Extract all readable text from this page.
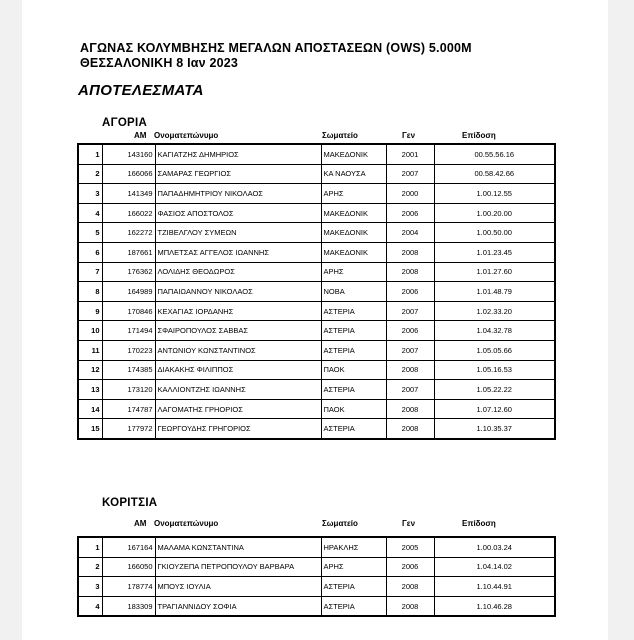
ΑΓΩΝΑΣ ΚΟΛΥΜΒΗΣΗΣ ΜΕΓΑΛΩΝ ΑΠΟΣΤΑΣΕΩΝ (OWS) 5.000M
ΘΕΣΣΑΛΟΝΙΚΗ 8 Ιαν 2023
ΑΠΟΤΕΛΕΣΜΑΤΑ
ΑΓΟΡΙΑ
ΑΜ Ονοματεπώνυμο	Σωματείο	Γεν	Επίδοση
1	143160	ΚΑΓΙΑΤΖΗΣ ΔΗΜΗΡΙΟΣ	ΜΑΚΕΔΟΝΙΚ	2001	00.55.56.16
2	166066	ΣΑΜΑΡΑΣ ΓΕΩΡΓΙΟΣ	ΚΑ ΝΑΟΥΣΑ	2007	00.58.42.66
3	141349	ΠΑΠΑΔΗΜΗΤΡΙΟΥ ΝΙΚΟΛΑΟΣ	ΑΡΗΣ	2000	1.00.12.55
4	166022	ΦΑΣΙΟΣ ΑΠΟΣΤΟΛΟΣ	ΜΑΚΕΔΟΝΙΚ	2006	1.00.20.00
5	162272	ΤΖΙΒΕΛΓΛΟΥ ΣΥΜΕΩΝ	ΜΑΚΕΔΟΝΙΚ	2004	1.00.50.00
6	187661	ΜΠΛΕΤΣΑΣ ΑΓΓΕΛΟΣ ΙΩΑΝΝΗΣ	ΜΑΚΕΔΟΝΙΚ	2008	1.01.23.45
7	176362	ΛΟΛΙΔΗΣ ΘΕΟΔΩΡΟΣ	ΑΡΗΣ	2008	1.01.27.60
8	164989	ΠΑΠΑΙΩΑΝΝΟΥ ΝΙΚΟΛΑΟΣ	ΝΟΒΑ	2006	1.01.48.79
9	170846	ΚΕΧΑΓΙΑΣ ΙΟΡΔΑΝΗΣ	ΑΣΤΕΡΙΑ	2007	1.02.33.20
10	171494	ΣΦΑΙΡΟΠΟΥΛΟΣ ΣΑΒΒΑΣ	ΑΣΤΕΡΙΑ	2006	1.04.32.78
11	170223	ΑΝΤΩΝΙΟΥ ΚΩΝΣΤΑΝΤΙΝΟΣ	ΑΣΤΕΡΙΑ	2007	1.05.05.66
12	174385	ΔΙΑΚΑΚΗΣ ΦΙΛΙΠΠΟΣ	ΠΑΟΚ	2008	1.05.16.53
13	173120	ΚΑΛΛΙΟΝΤΖΗΣ ΙΩΑΝΝΗΣ	ΑΣΤΕΡΙΑ	2007	1.05.22.22
14	174787	ΛΑΓΟΜΑΤΗΣ ΓΡΗΟΡΙΟΣ	ΠΑΟΚ	2008	1.07.12.60
15	177972	ΓΕΩΡΓΟΥΔΗΣ ΓΡΗΓΟΡΙΟΣ	ΑΣΤΕΡΙΑ	2008	1.10.35.37
ΚΟΡΙΤΣΙΑ
ΑΜ Ονοματεπώνυμο	Σωματείο	Γεν	Επίδοση
1	167164	ΜΑΛΑΜΑ ΚΩΝΣΤΑΝΤΙΝΑ	ΗΡΑΚΛΗΣ	2005	1.00.03.24
2	166050	ΓΚΙΟΥΖΕΠΑ ΠΕΤΡΟΠΟΥΛΟΥ ΒΑΡΒΑΡΑ	ΑΡΗΣ	2006	1.04.14.02
3	178774	ΜΠΟΥΣ ΙΟΥΛΙΑ	ΑΣΤΕΡΙΑ	2008	1.10.44.91
4	183309	ΤΡΑΓΙΑΝΝΙΔΟΥ ΣΟΦΙΑ	ΑΣΤΕΡΙΑ	2008	1.10.46.28
